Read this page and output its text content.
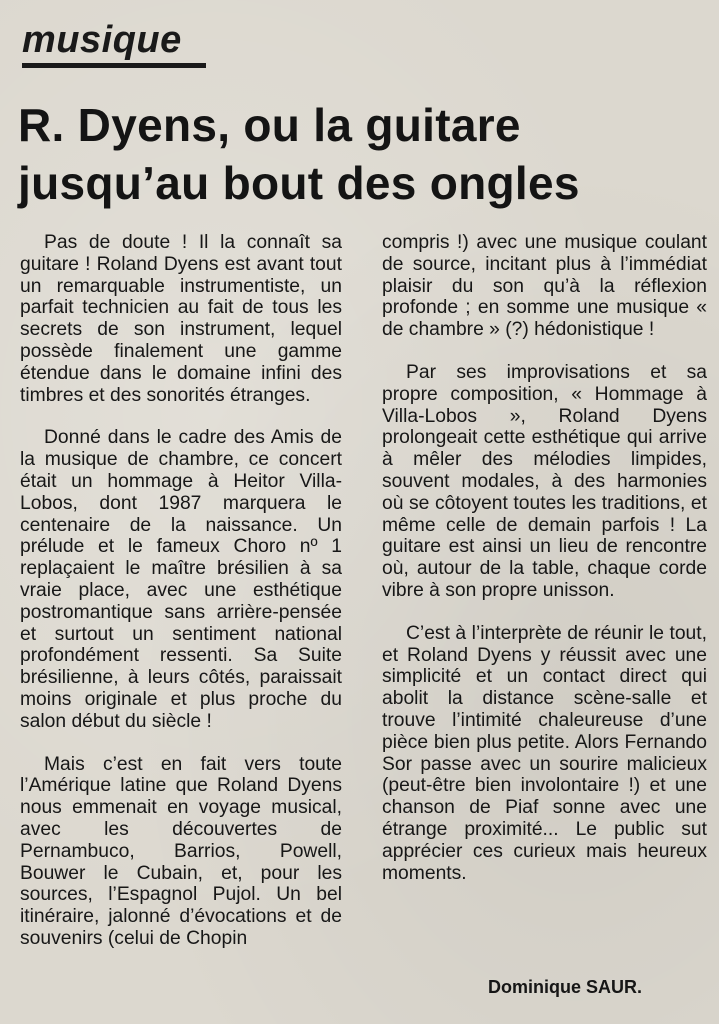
musique
R. Dyens, ou la guitare
jusqu’au bout des ongles

Pas de doute ! Il la connaît sa guitare ! Roland Dyens est avant tout un remarquable instrumentiste, un parfait technicien au fait de tous les secrets de son instrument, lequel possède finalement une gamme étendue dans le domaine infini des timbres et des sonorités étranges.

Donné dans le cadre des Amis de la musique de chambre, ce concert était un hommage à Heitor Villa-Lobos, dont 1987 marquera le centenaire de la naissance. Un prélude et le fameux Choro nº 1 replaçaient le maître brésilien à sa vraie place, avec une esthétique postromantique sans arrière-pensée et surtout un sentiment national profondément ressenti. Sa Suite brésilienne, à leurs côtés, paraissait moins originale et plus proche du salon début du siècle !

Mais c’est en fait vers toute l’Amérique latine que Roland Dyens nous emmenait en voyage musical, avec les découvertes de Pernambuco, Barrios, Powell, Bouwer le Cubain, et, pour les sources, l’Espagnol Pujol. Un bel itinéraire, jalonné d’évocations et de souvenirs (celui de Chopin

compris !) avec une musique coulant de source, incitant plus à l’immédiat plaisir du son qu’à la réflexion profonde ; en somme une musique « de chambre » (?) hédonistique !

Par ses improvisations et sa propre composition, « Hommage à Villa-Lobos », Roland Dyens prolongeait cette esthétique qui arrive à mêler des mélodies limpides, souvent modales, à des harmonies où se côtoyent toutes les traditions, et même celle de demain parfois ! La guitare est ainsi un lieu de rencontre où, autour de la table, chaque corde vibre à son propre unisson.

C’est à l’interprète de réunir le tout, et Roland Dyens y réussit avec une simplicité et un contact direct qui abolit la distance scène-salle et trouve l’intimité chaleureuse d’une pièce bien plus petite. Alors Fernando Sor passe avec un sourire malicieux (peut-être bien involontaire !) et une chanson de Piaf sonne avec une étrange proximité... Le public sut apprécier ces curieux mais heureux moments.

Dominique SAUR.
